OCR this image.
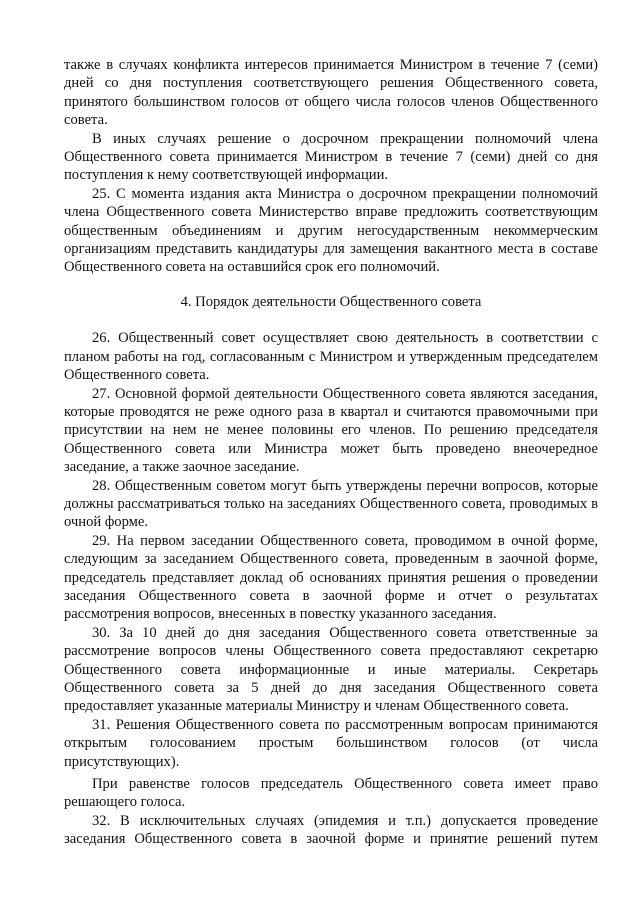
также в случаях конфликта интересов принимается Министром в течение 7 (семи) дней со дня поступления соответствующего решения Общественного совета, принятого большинством голосов от общего числа голосов членов Общественного совета.

В иных случаях решение о досрочном прекращении полномочий члена Общественного совета принимается Министром в течение 7 (семи) дней со дня поступления к нему соответствующей информации.

25. С момента издания акта Министра о досрочном прекращении полномочий члена Общественного совета Министерство вправе предложить соответствующим общественным объединениям и другим негосударственным некоммерческим организациям представить кандидатуры для замещения вакантного места в составе Общественного совета на оставшийся срок его полномочий.

4. Порядок деятельности Общественного совета

26. Общественный совет осуществляет свою деятельность в соответствии с планом работы на год, согласованным с Министром и утвержденным председателем Общественного совета.

27. Основной формой деятельности Общественного совета являются заседания, которые проводятся не реже одного раза в квартал и считаются правомочными при присутствии на нем не менее половины его членов. По решению председателя Общественного совета или Министра может быть проведено внеочередное заседание, а также заочное заседание.

28. Общественным советом могут быть утверждены перечни вопросов, которые должны рассматриваться только на заседаниях Общественного совета, проводимых в очной форме.

29. На первом заседании Общественного совета, проводимом в очной форме, следующим за заседанием Общественного совета, проведенным в заочной форме, председатель представляет доклад об основаниях принятия решения о проведении заседания Общественного совета в заочной форме и отчет о результатах рассмотрения вопросов, внесенных в повестку указанного заседания.

30. За 10 дней до дня заседания Общественного совета ответственные за рассмотрение вопросов члены Общественного совета предоставляют секретарю Общественного совета информационные и иные материалы. Секретарь Общественного совета за 5 дней до дня заседания Общественного совета предоставляет указанные материалы Министру и членам Общественного совета.

31. Решения Общественного совета по рассмотренным вопросам принимаются открытым голосованием простым большинством голосов (от числа присутствующих).

При равенстве голосов председатель Общественного совета имеет право решающего голоса.

32. В исключительных случаях (эпидемия и т.п.) допускается проведение заседания Общественного совета в заочной форме и принятие решений путем
